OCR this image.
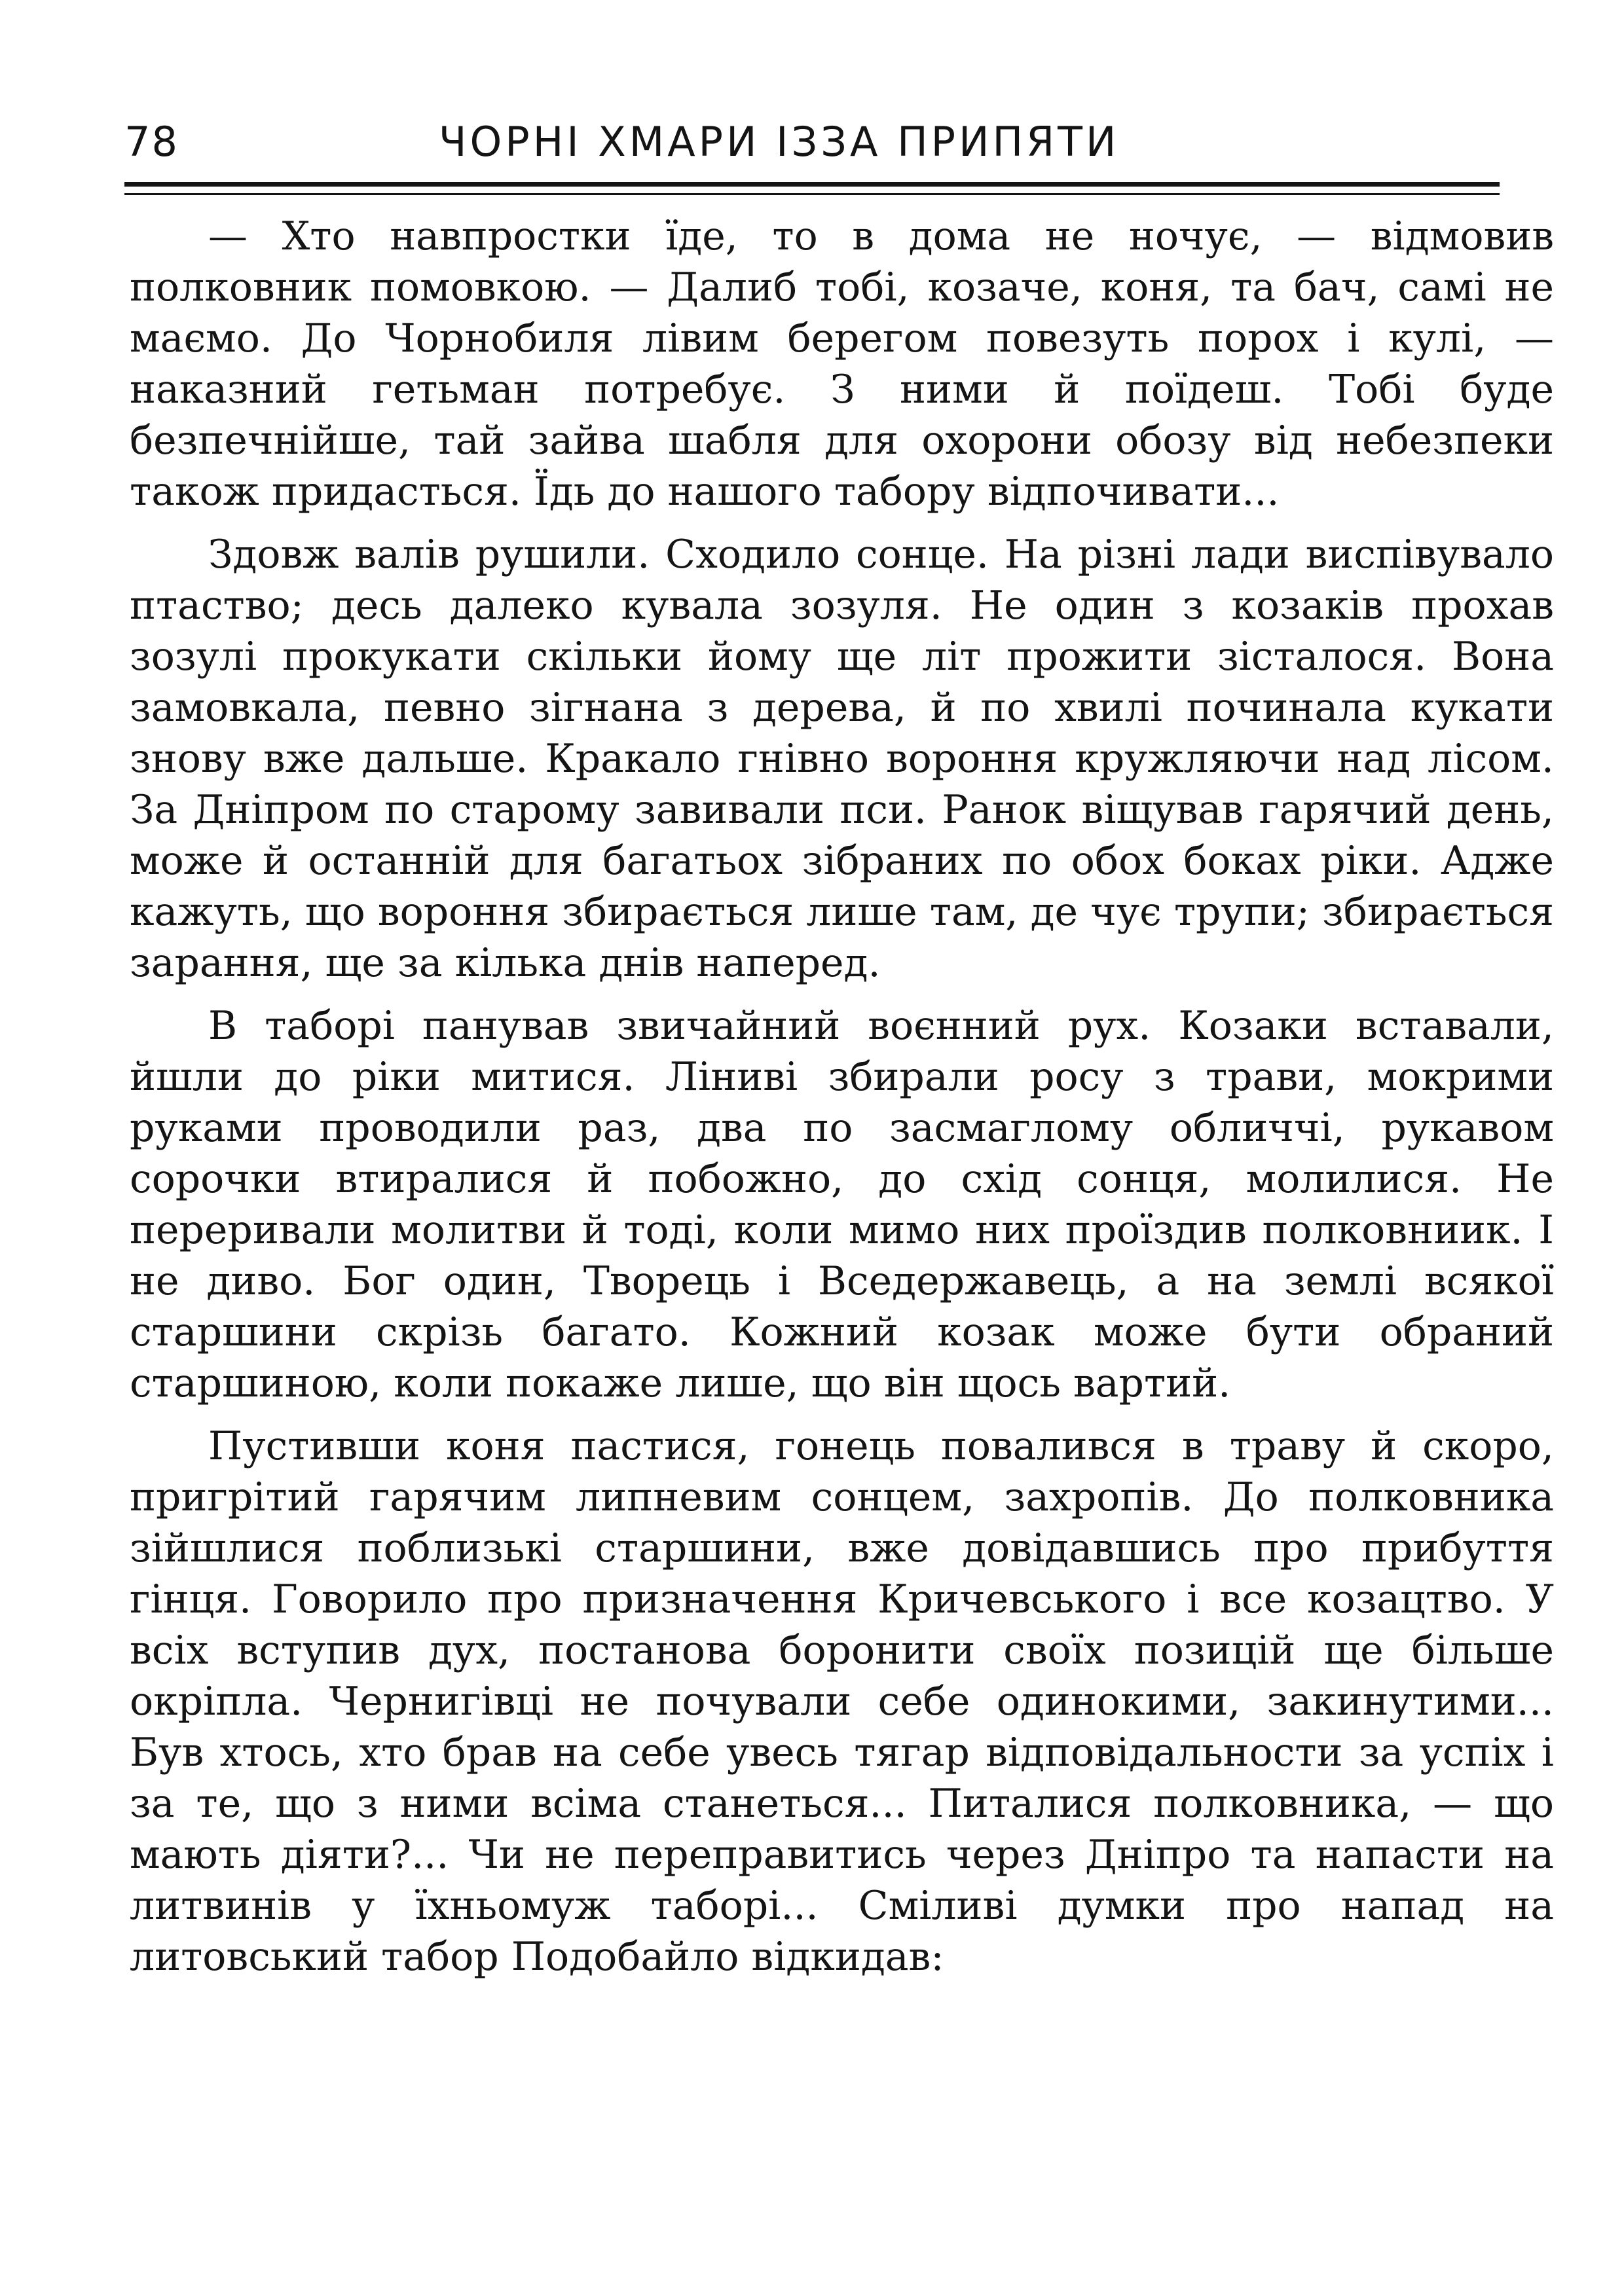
78	ЧОРНІ ХМАРИ ІЗЗА ПРИПЯТИ

— Хто навпростки їде, то в дома не ночує, — відмовив полковник помовкою. — Далиб тобі, козаче, коня, та бач, самі не маємо. До Чорнобиля лівим берегом повезуть порох і кулі, — наказний гетьман потребує. З ними й поїдеш. Тобі буде безпечнійше, тай зайва шабля для охорони обозу від небезпеки також придасться. Їдь до нашого табору відпочивати...

Здовж валів рушили. Сходило сонце. На різні лади виспівувало птаство; десь далеко кувала зозуля. Не один з козаків прохав зозулі прокукати скільки йому ще літ прожити зісталося. Вона замовкала, певно зігнана з дерева, й по хвилі починала кукати знову вже дальше. Кракало гнівно вороння кружляючи над лісом. За Дніпром по старому завивали пси. Ранок віщував гарячий день, може й останній для багатьох зібраних по обох боках ріки. Адже кажуть, що вороння збирається лише там, де чує трупи; збирається зарання, ще за кілька днів наперед.

В таборі панував звичайний воєнний рух. Козаки вставали, йшли до ріки митися. Ліниві збирали росу з трави, мокрими руками проводили раз, два по засмаглому обличчі, рукавом сорочки втиралися й побожно, до схід сонця, молилися. Не переривали молитви й тоді, коли мимо них проїздив полковниик. І не диво. Бог один, Творець і Вседержавець, а на землі всякої старшини скрізь багато. Кожний козак може бути обраний старшиною, коли покаже лише, що він щось вартий.

Пустивши коня пастися, гонець повалився в траву й скоро, пригрітий гарячим липневим сонцем, захропів. До полковника зійшлися поблизькі старшини, вже довідавшись про прибуття гінця. Говорило про призначення Кричевського і все козацтво. У всіх вступив дух, постанова боронити своїх позицій ще більше окріпла. Чернигівці не почували себе одинокими, закинутими... Був хтось, хто брав на себе увесь тягар відповідальности за успіх і за те, що з ними всіма станеться... Питалися полковника, — що мають діяти?... Чи не переправитись через Дніпро та напасти на литвинів у їхньомуж таборі... Сміливі думки про напад на литовський табор Подобайло відкидав:
